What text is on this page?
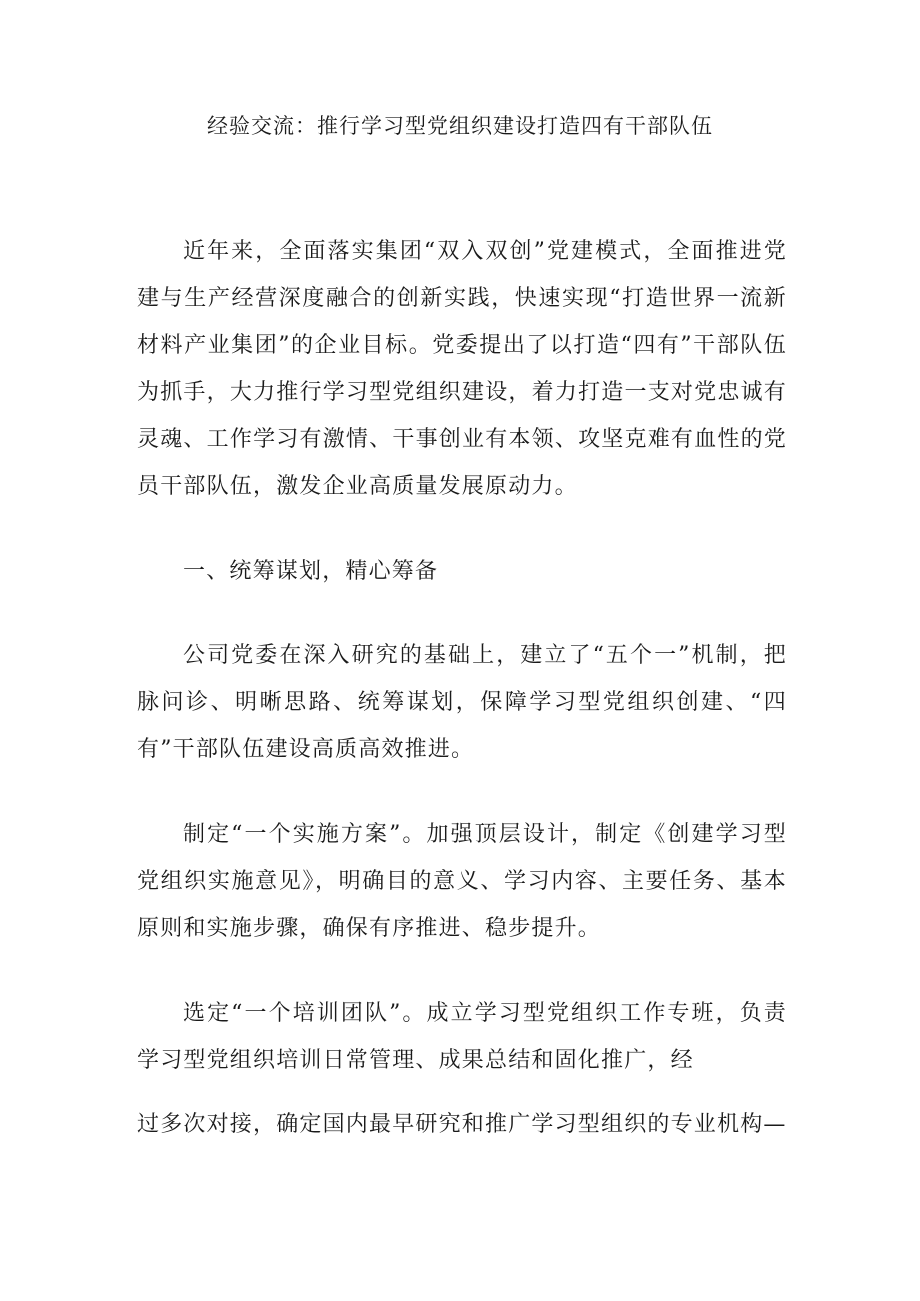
经验交流：推行学习型党组织建设打造四有干部队伍
近年来，全面落实集团“双入双创”党建模式，全面推进党建与生产经营深度融合的创新实践，快速实现“打造世界一流新材料产业集团”的企业目标。党委提出了以打造“四有”干部队伍为抓手，大力推行学习型党组织建设，着力打造一支对党忠诚有灵魂、工作学习有激情、干事创业有本领、攻坚克难有血性的党员干部队伍，激发企业高质量发展原动力。
一、统筹谋划，精心筹备
公司党委在深入研究的基础上，建立了“五个一”机制，把脉问诊、明晰思路、统筹谋划，保障学习型党组织创建、“四有”干部队伍建设高质高效推进。
制定“一个实施方案”。加强顶层设计，制定《创建学习型党组织实施意见》，明确目的意义、学习内容、主要任务、基本原则和实施步骤，确保有序推进、稳步提升。
选定“一个培训团队”。成立学习型党组织工作专班，负责学习型党组织培训日常管理、成果总结和固化推广，经
过多次对接，确定国内最早研究和推广学习型组织的专业机构—
